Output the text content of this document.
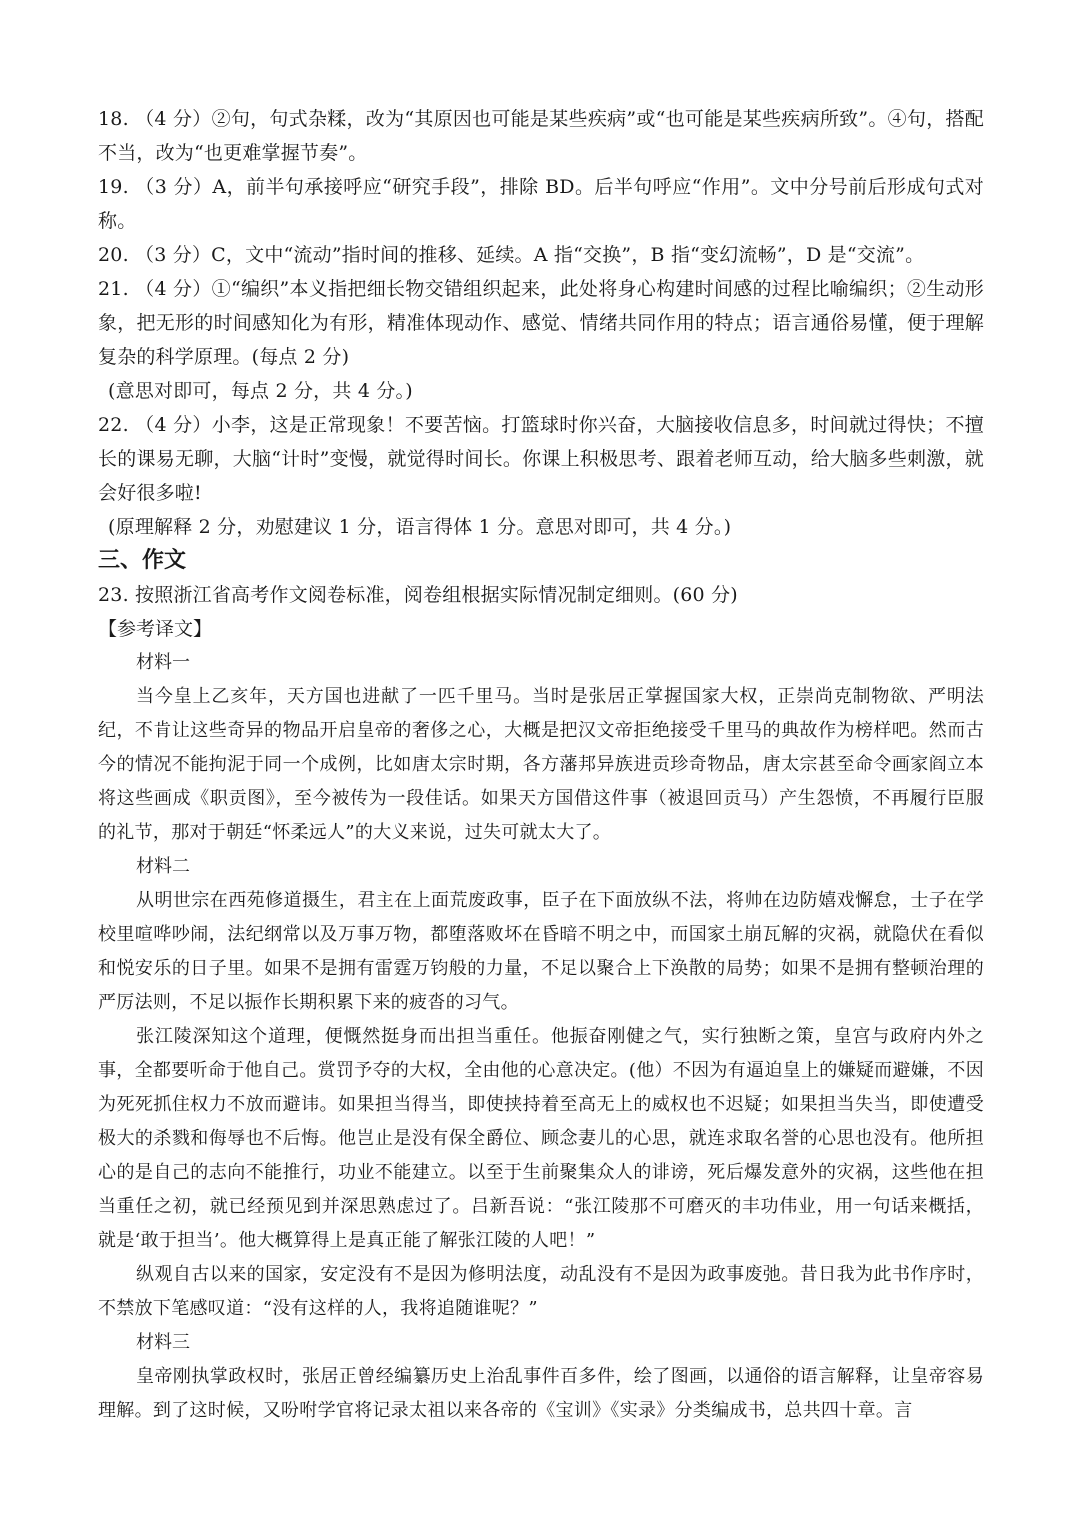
18. （4 分）②句，句式杂糅，改为“其原因也可能是某些疾病”或“也可能是某些疾病所致”。④句，搭配不当，改为“也更难掌握节奏”。

19. （3 分）A，前半句承接呼应“研究手段”，排除 BD。后半句呼应“作用”。文中分号前后形成句式对称。

20. （3 分）C，文中“流动”指时间的推移、延续。A 指“交换”，B 指“变幻流畅”，D 是“交流”。

21. （4 分）①“编织”本义指把细长物交错组织起来，此处将身心构建时间感的过程比喻编织；②生动形象，把无形的时间感知化为有形，精准体现动作、感觉、情绪共同作用的特点；语言通俗易懂，便于理解复杂的科学原理。(每点 2 分)

(意思对即可，每点 2 分，共 4 分。)

22. （4 分）小李，这是正常现象！不要苦恼。打篮球时你兴奋，大脑接收信息多，时间就过得快；不擅长的课易无聊，大脑“计时”变慢，就觉得时间长。你课上积极思考、跟着老师互动，给大脑多些刺激，就会好很多啦!

(原理解释 2 分，劝慰建议 1 分，语言得体 1 分。意思对即可，共 4 分。)

三、作文

23. 按照浙江省高考作文阅卷标准，阅卷组根据实际情况制定细则。(60 分)

【参考译文】

材料一

当今皇上乙亥年，天方国也进献了一匹千里马。当时是张居正掌握国家大权，正崇尚克制物欲、严明法纪，不肯让这些奇异的物品开启皇帝的奢侈之心，大概是把汉文帝拒绝接受千里马的典故作为榜样吧。然而古今的情况不能拘泥于同一个成例，比如唐太宗时期，各方藩邦异族进贡珍奇物品，唐太宗甚至命令画家阎立本将这些画成《职贡图》，至今被传为一段佳话。如果天方国借这件事（被退回贡马）产生怨愤，不再履行臣服的礼节，那对于朝廷“怀柔远人”的大义来说，过失可就太大了。

材料二

从明世宗在西苑修道摄生，君主在上面荒废政事，臣子在下面放纵不法，将帅在边防嬉戏懈怠，士子在学校里喧哗吵闹，法纪纲常以及万事万物，都堕落败坏在昏暗不明之中，而国家土崩瓦解的灾祸，就隐伏在看似和悦安乐的日子里。如果不是拥有雷霆万钧般的力量，不足以聚合上下涣散的局势；如果不是拥有整顿治理的严厉法则，不足以振作长期积累下来的疲沓的习气。

张江陵深知这个道理，便慨然挺身而出担当重任。他振奋刚健之气，实行独断之策，皇宫与政府内外之事，全都要听命于他自己。赏罚予夺的大权，全由他的心意决定。(他）不因为有逼迫皇上的嫌疑而避嫌，不因为死死抓住权力不放而避讳。如果担当得当，即使挟持着至高无上的威权也不迟疑；如果担当失当，即使遭受极大的杀戮和侮辱也不后悔。他岂止是没有保全爵位、顾念妻儿的心思，就连求取名誉的心思也没有。他所担心的是自己的志向不能推行，功业不能建立。以至于生前聚集众人的诽谤，死后爆发意外的灾祸，这些他在担当重任之初，就已经预见到并深思熟虑过了。吕新吾说：“张江陵那不可磨灭的丰功伟业，用一句话来概括，就是‘敢于担当’。他大概算得上是真正能了解张江陵的人吧！”

纵观自古以来的国家，安定没有不是因为修明法度，动乱没有不是因为政事废弛。昔日我为此书作序时，不禁放下笔感叹道：“没有这样的人，我将追随谁呢？”

材料三

皇帝刚执掌政权时，张居正曾经编纂历史上治乱事件百多件，绘了图画，以通俗的语言解释，让皇帝容易理解。到了这时候，又吩咐学官将记录太祖以来各帝的《宝训》《实录》分类编成书，总共四十章。言
